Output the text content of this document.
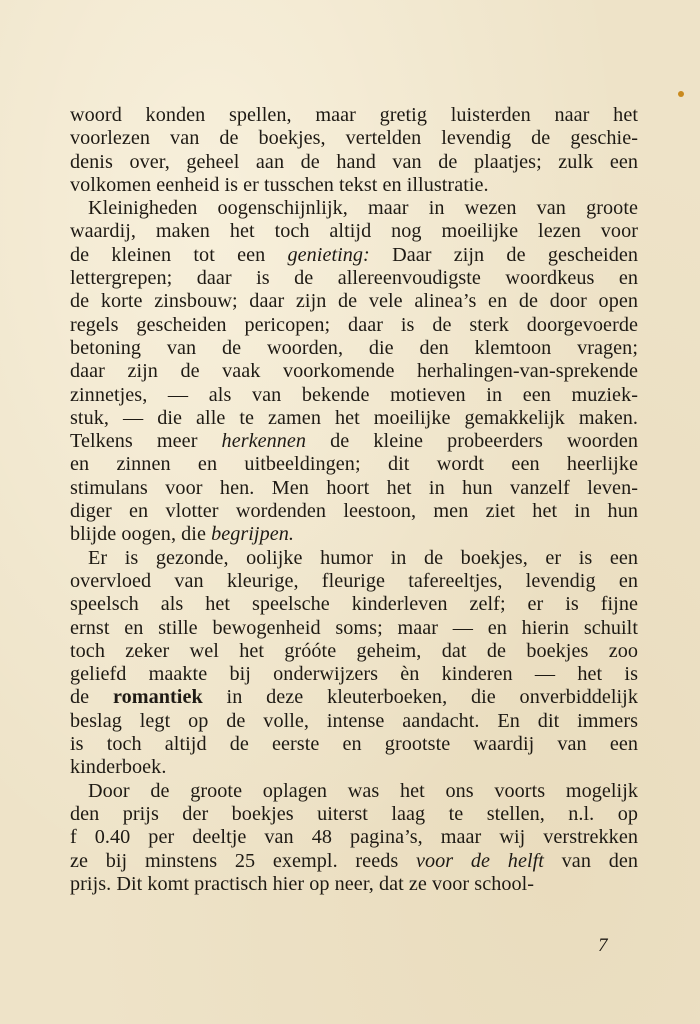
woord konden spellen, maar gretig luisterden naar het
voorlezen van de boekjes, vertelden levendig de geschie-
denis over, geheel aan de hand van de plaatjes; zulk een
volkomen eenheid is er tusschen tekst en illustratie.
Kleinigheden oogenschijnlijk, maar in wezen van groote
waardij, maken het toch altijd nog moeilijke lezen voor
de kleinen tot een genieting: Daar zijn de gescheiden
lettergrepen; daar is de allereenvoudigste woordkeus en
de korte zinsbouw; daar zijn de vele alinea’s en de door open
regels gescheiden pericopen; daar is de sterk doorgevoerde
betoning van de woorden, die den klemtoon vragen;
daar zijn de vaak voorkomende herhalingen-van-sprekende
zinnetjes, — als van bekende motieven in een muziek-
stuk, — die alle te zamen het moeilijke gemakkelijk maken.
Telkens meer herkennen de kleine probeerders woorden
en zinnen en uitbeeldingen; dit wordt een heerlijke
stimulans voor hen. Men hoort het in hun vanzelf leven-
diger en vlotter wordenden leestoon, men ziet het in hun
blijde oogen, die begrijpen.
Er is gezonde, oolijke humor in de boekjes, er is een
overvloed van kleurige, fleurige tafereeltjes, levendig en
speelsch als het speelsche kinderleven zelf; er is fijne
ernst en stille bewogenheid soms; maar — en hierin schuilt
toch zeker wel het gróóte geheim, dat de boekjes zoo
geliefd maakte bij onderwijzers èn kinderen — het is
de romantiek in deze kleuterboeken, die onverbiddelijk
beslag legt op de volle, intense aandacht. En dit immers
is toch altijd de eerste en grootste waardij van een
kinderboek.
Door de groote oplagen was het ons voorts mogelijk
den prijs der boekjes uiterst laag te stellen, n.l. op
f 0.40 per deeltje van 48 pagina’s, maar wij verstrekken
ze bij minstens 25 exempl. reeds voor de helft van den
prijs. Dit komt practisch hier op neer, dat ze voor school-
7
